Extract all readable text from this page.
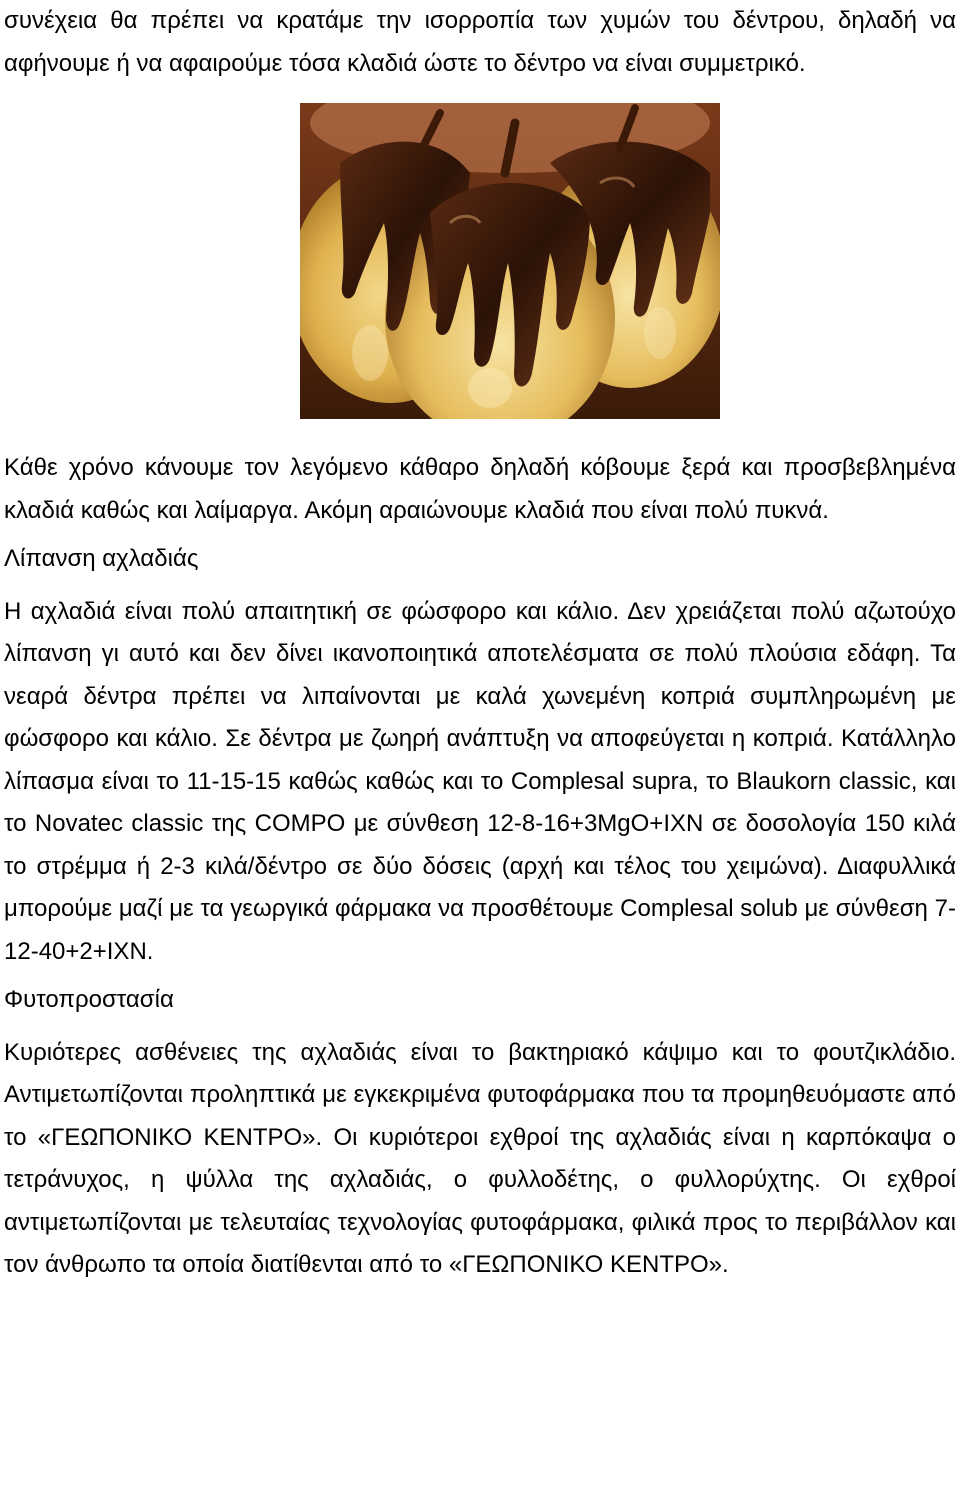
συνέχεια θα πρέπει να κρατάμε την ισορροπία των χυμών του δέντρου, δηλαδή να αφήνουμε ή να αφαιρούμε τόσα κλαδιά ώστε το δέντρο να είναι συμμετρικό.

Κάθε χρόνο κάνουμε τον λεγόμενο κάθαρο δηλαδή κόβουμε ξερά και προσβεβλημένα κλαδιά καθώς και λαίμαργα. Ακόμη αραιώνουμε κλαδιά που είναι πολύ πυκνά.

Λίπανση αχλαδιάς

Η αχλαδιά είναι πολύ απαιτητική σε φώσφορο και κάλιο. Δεν χρειάζεται πολύ αζωτούχο λίπανση γι αυτό και δεν δίνει ικανοποιητικά αποτελέσματα σε πολύ πλούσια εδάφη. Τα νεαρά δέντρα πρέπει να λιπαίνονται με καλά χωνεμένη κοπριά συμπληρωμένη με φώσφορο και κάλιο. Σε δέντρα με ζωηρή ανάπτυξη να αποφεύγεται η κοπριά. Κατάλληλο λίπασμα είναι το 11-15-15 καθώς καθώς και το Complesal supra, το Blaukorn classic, και το Novatec classic της COMPO με σύνθεση 12-8-16+3MgO+IXN σε δοσολογία 150 κιλά το στρέμμα ή 2-3 κιλά/δέντρο σε δύο δόσεις (αρχή και τέλος του χειμώνα). Διαφυλλικά μπορούμε μαζί με τα γεωργικά φάρμακα να προσθέτουμε Complesal solub με σύνθεση 7-12-40+2+IXN.

Φυτοπροστασία

Κυριότερες ασθένειες της αχλαδιάς είναι το βακτηριακό κάψιμο και το φουτζικλάδιο. Αντιμετωπίζονται προληπτικά με εγκεκριμένα φυτοφάρμακα που τα προμηθευόμαστε από το «ΓΕΩΠΟΝΙΚΟ ΚΕΝΤΡΟ». Οι κυριότεροι εχθροί της αχλαδιάς είναι η καρπόκαψα ο τετράνυχος, η ψύλλα της αχλαδιάς, ο φυλλοδέτης, ο φυλλορύχτης. Οι εχθροί αντιμετωπίζονται με τελευταίας τεχνολογίας φυτοφάρμακα, φιλικά προς το περιβάλλον και τον άνθρωπο τα οποία διατίθενται από το «ΓΕΩΠΟΝΙΚΟ ΚΕΝΤΡΟ».
